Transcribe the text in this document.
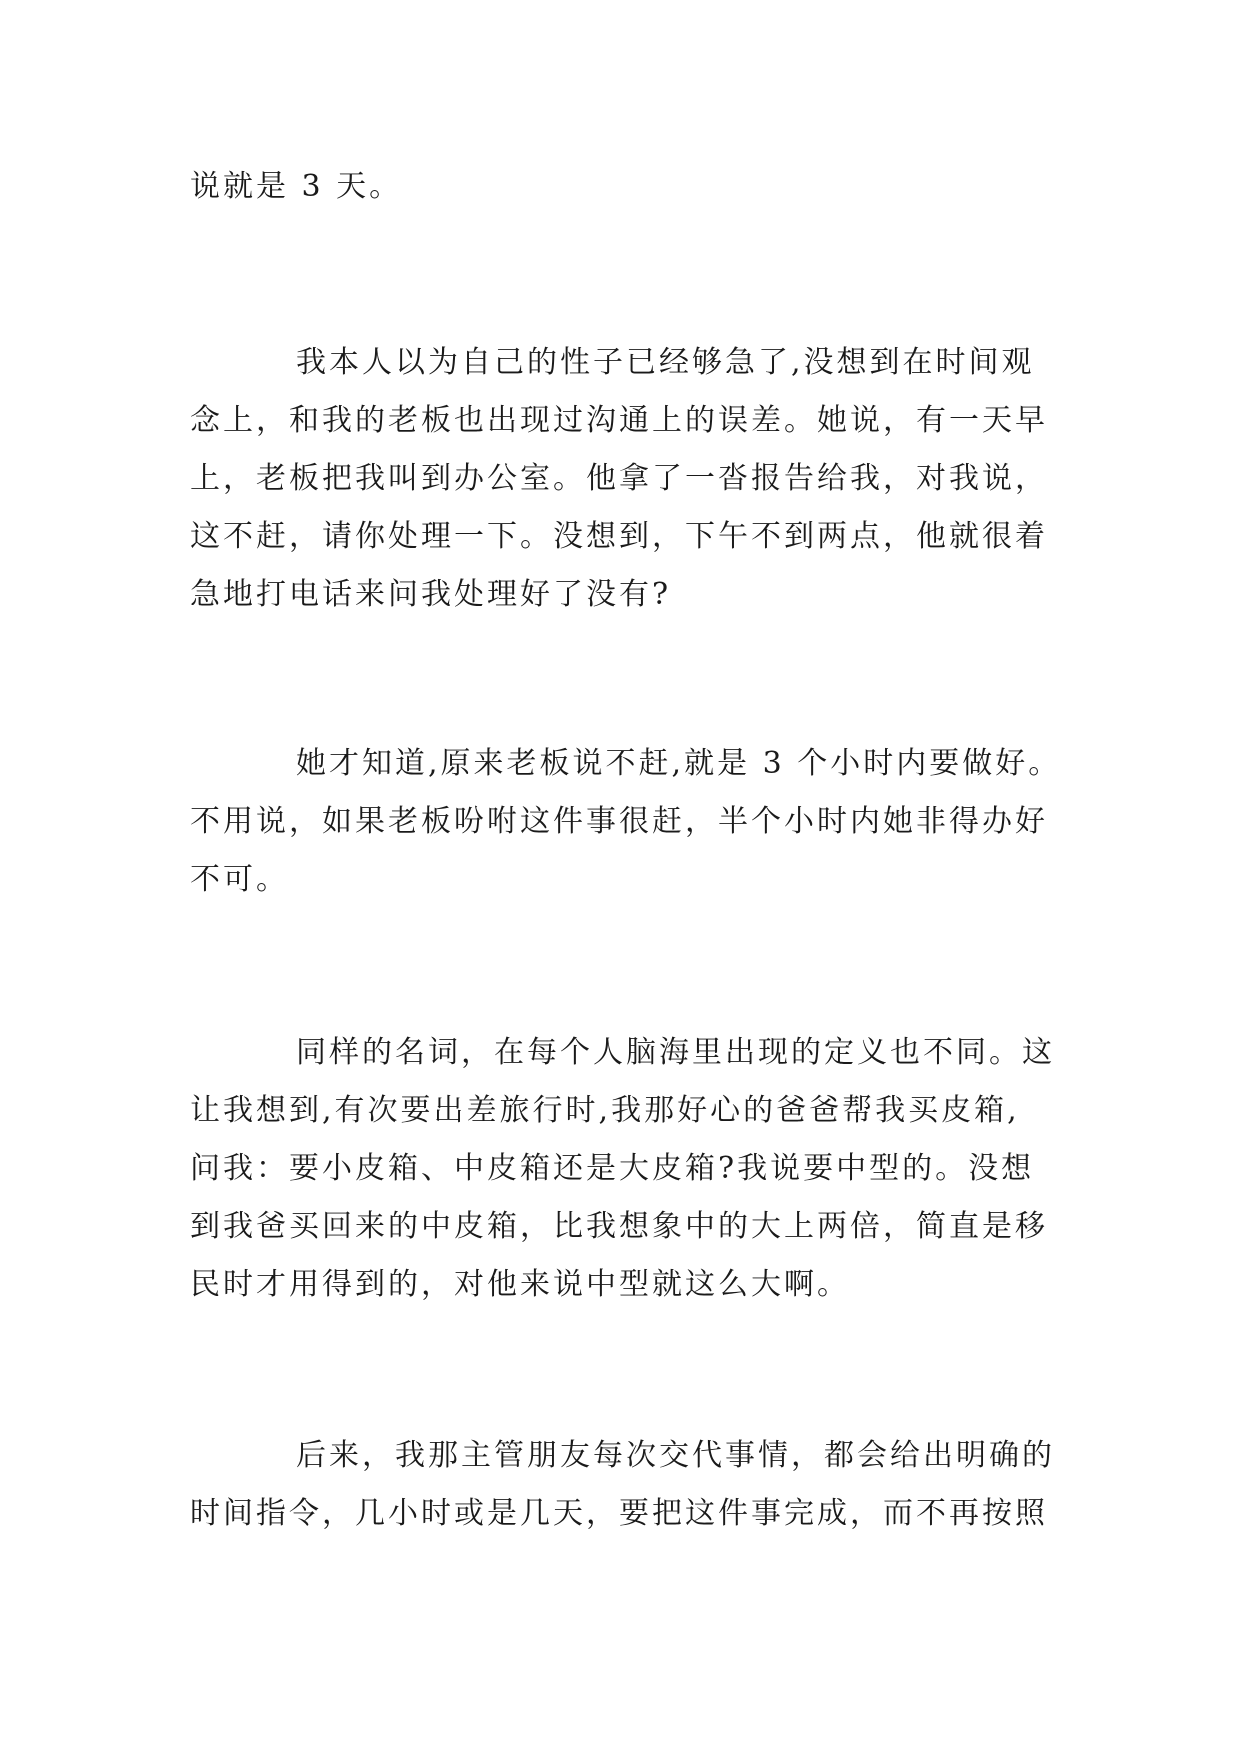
说就是 3 天。
我本人以为自己的性子已经够急了,没想到在时间观
念上，和我的老板也出现过沟通上的误差。她说，有一天早
上，老板把我叫到办公室。他拿了一沓报告给我，对我说，
这不赶，请你处理一下。没想到，下午不到两点，他就很着
急地打电话来问我处理好了没有?
她才知道,原来老板说不赶,就是 3 个小时内要做好。
不用说，如果老板吩咐这件事很赶，半个小时内她非得办好
不可。
同样的名词，在每个人脑海里出现的定义也不同。这
让我想到,有次要出差旅行时,我那好心的爸爸帮我买皮箱,
问我：要小皮箱、中皮箱还是大皮箱?我说要中型的。没想
到我爸买回来的中皮箱，比我想象中的大上两倍，简直是移
民时才用得到的，对他来说中型就这么大啊。
后来，我那主管朋友每次交代事情，都会给出明确的
时间指令，几小时或是几天，要把这件事完成，而不再按照
